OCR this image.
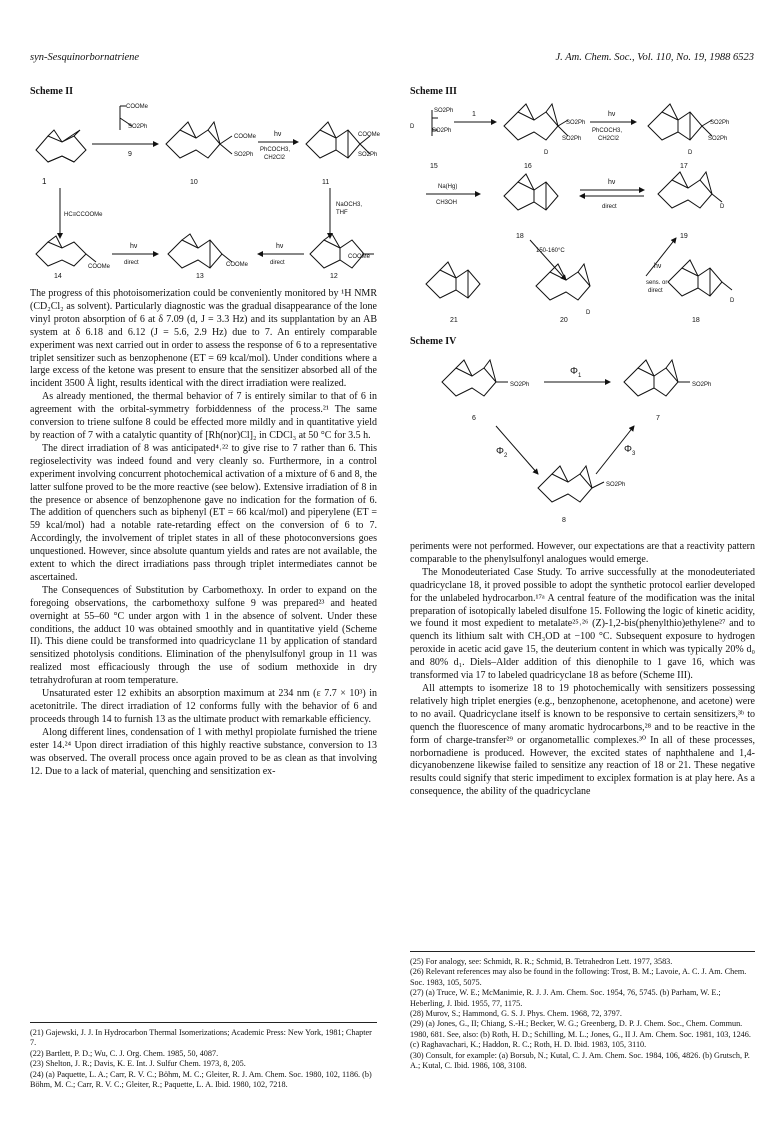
syn-Sesquinorbornatriene	J. Am. Chem. Soc., Vol. 110, No. 19, 1988 6523
Scheme II
1
COOMe
SO2Ph
9
COOMe
SO2Ph
10
hν
PhCOCH3,
CH2Cl2
COOMe
SO2Ph
11
HC≡CCOOMe
NaOCH3,
THF
COOMe
14
hν
direct	COOMe
13
hν
direct
COOMe
12
Scheme III
SO2Ph
SO2Ph
D
15
1
SO2Ph
SO2Ph
D
16
hν
PhCOCH3,
CH2Cl2
SO2Ph
SO2Ph
D
17
Na(Hg)
CH3OH
18
hν
direct	D
19
150-160°C
hν
sens. or
direct
21
D
20
D
18
Scheme IV
SO2Ph
6
Φ 1
SO2Ph
7
Φ 2
Φ 3
SO2Ph
8

The progress of this photoisomerization could be conveniently monitored by ¹H NMR (CD₂Cl₂ as solvent). Particularly diagnostic was the gradual disappearance of the lone vinyl proton absorption of 6 at δ 7.09 (d, J = 3.3 Hz) and its supplantation by an AB system at δ 6.18 and 6.12 (J = 5.6, 2.9 Hz) due to 7. An entirely comparable experiment was next carried out in order to assess the response of 6 to a representative triplet sensitizer such as benzophenone (ET = 69 kcal/mol). Under conditions where a large excess of the ketone was present to ensure that the sensitizer absorbed all of the incident 3500 Å light, results identical with the direct irradiation were realized.

As already mentioned, the thermal behavior of 7 is entirely similar to that of 6 in agreement with the orbital-symmetry forbiddenness of the process.²¹ The same conversion to triene sulfone 8 could be effected more mildly and in quantitative yield by reaction of 7 with a catalytic quantity of [Rh(nor)Cl]₂ in CDCl₃ at 50 °C for 3.5 h.

The direct irradiation of 8 was anticipated⁴˒²² to give rise to 7 rather than 6. This regioselectivity was indeed found and very cleanly so. Furthermore, in a control experiment involving concurrent photochemical activation of a mixture of 6 and 8, the latter sulfone proved to be the more reactive (see below). Extensive irradiation of 8 in the presence or absence of benzophenone gave no indication for the formation of 6. The addition of quenchers such as biphenyl (ET = 66 kcal/mol) and piperylene (ET = 59 kcal/mol) had a notable rate-retarding effect on the conversion of 6 to 7. Accordingly, the involvement of triplet states in all of these photoconversions goes unquestioned. However, since absolute quantum yields and rates are not available, the extent to which the direct irradiations pass through triplet intermediates cannot be ascertained.

The Consequences of Substitution by Carbomethoxy. In order to expand on the foregoing observations, the carbomethoxy sulfone 9 was prepared²³ and heated overnight at 55–60 °C under argon with 1 in the absence of solvent. Under these conditions, the adduct 10 was obtained smoothly and in quantitative yield (Scheme II). This diene could be transformed into quadricyclane 11 by application of standard sensitized photolysis conditions. Elimination of the phenylsulfonyl group in 11 was realized most efficaciously through the use of sodium methoxide in dry tetrahydrofuran at room temperature.

Unsaturated ester 12 exhibits an absorption maximum at 234 nm (ε 7.7 × 10³) in acetonitrile. The direct irradiation of 12 conforms fully with the behavior of 6 and proceeds through 14 to furnish 13 as the ultimate product with remarkable efficiency.

Along different lines, condensation of 1 with methyl propiolate furnished the triene ester 14.²⁴ Upon direct irradiation of this highly reactive substance, conversion to 13 was observed. The overall process once again proved to be as clean as that involving 12. Due to a lack of material, quenching and sensitization ex-

periments were not performed. However, our expectations are that a reactivity pattern comparable to the phenylsulfonyl analogues would emerge.

The Monodeuteriated Case Study. To arrive successfully at the monodeuteriated quadricyclane 18, it proved possible to adopt the synthetic protocol earlier developed for the unlabeled hydrocarbon.¹⁷ᵃ A central feature of the modification was the inital preparation of isotopically labeled disulfone 15. Following the logic of kinetic acidity, we found it most expedient to metalate²⁵˒²⁶ (Z)-1,2-bis(phenylthio)ethylene²⁷ and to quench its lithium salt with CH₃OD at −100 °C. Subsequent exposure to hydrogen peroxide in acetic acid gave 15, the deuterium content in which was typically 20% d₀ and 80% d₁. Diels–Alder addition of this dienophile to 1 gave 16, which was transformed via 17 to labeled quadricyclane 18 as before (Scheme III).

All attempts to isomerize 18 to 19 photochemically with sensitizers possessing relatively high triplet energies (e.g., benzophenone, acetophenone, and acetone) were to no avail. Quadricyclane itself is known to be responsive to certain sensitizers,³ᵇ to quench the fluorescence of many aromatic hydrocarbons,²⁸ and to be reactive in the form of charge-transfer²⁹ or organometallic complexes.³⁰ In all of these processes, norbornadiene is produced. However, the excited states of naphthalene and 1,4-dicyanobenzene likewise failed to sensitize any reaction of 18 or 21. These negative results could signify that steric impediment to exciplex formation is at play here. As a consequence, the ability of the quadricyclane

(21) Gajewski, J. J. In Hydrocarbon Thermal Isomerizations; Academic Press: New York, 1981; Chapter 7.
(22) Bartlett, P. D.; Wu, C. J. Org. Chem. 1985, 50, 4087.
(23) Shelton, J. R.; Davis, K. E. Int. J. Sulfur Chem. 1973, 8, 205.
(24) (a) Paquette, L. A.; Carr, R. V. C.; Böhm, M. C.; Gleiter, R. J. Am. Chem. Soc. 1980, 102, 1186. (b) Böhm, M. C.; Carr, R. V. C.; Gleiter, R.; Paquette, L. A. Ibid. 1980, 102, 7218.
(25) For analogy, see: Schmidt, R. R.; Schmid, B. Tetrahedron Lett. 1977, 3583.
(26) Relevant references may also be found in the following: Trost, B. M.; Lavoie, A. C. J. Am. Chem. Soc. 1983, 105, 5075.
(27) (a) Truce, W. E.; McManimie, R. J. J. Am. Chem. Soc. 1954, 76, 5745. (b) Parham, W. E.; Heberling, J. Ibid. 1955, 77, 1175.
(28) Murov, S.; Hammond, G. S. J. Phys. Chem. 1968, 72, 3797.
(29) (a) Jones, G., II; Chiang, S.-H.; Becker, W. G.; Greenberg, D. P. J. Chem. Soc., Chem. Commun. 1980, 681. See, also: (b) Roth, H. D.; Schilling, M. L.; Jones, G., II J. Am. Chem. Soc. 1981, 103, 1246. (c) Raghavachari, K.; Haddon, R. C.; Roth, H. D. Ibid. 1983, 105, 3110.
(30) Consult, for example: (a) Borsub, N.; Kutal, C. J. Am. Chem. Soc. 1984, 106, 4826. (b) Grutsch, P. A.; Kutal, C. Ibid. 1986, 108, 3108.
